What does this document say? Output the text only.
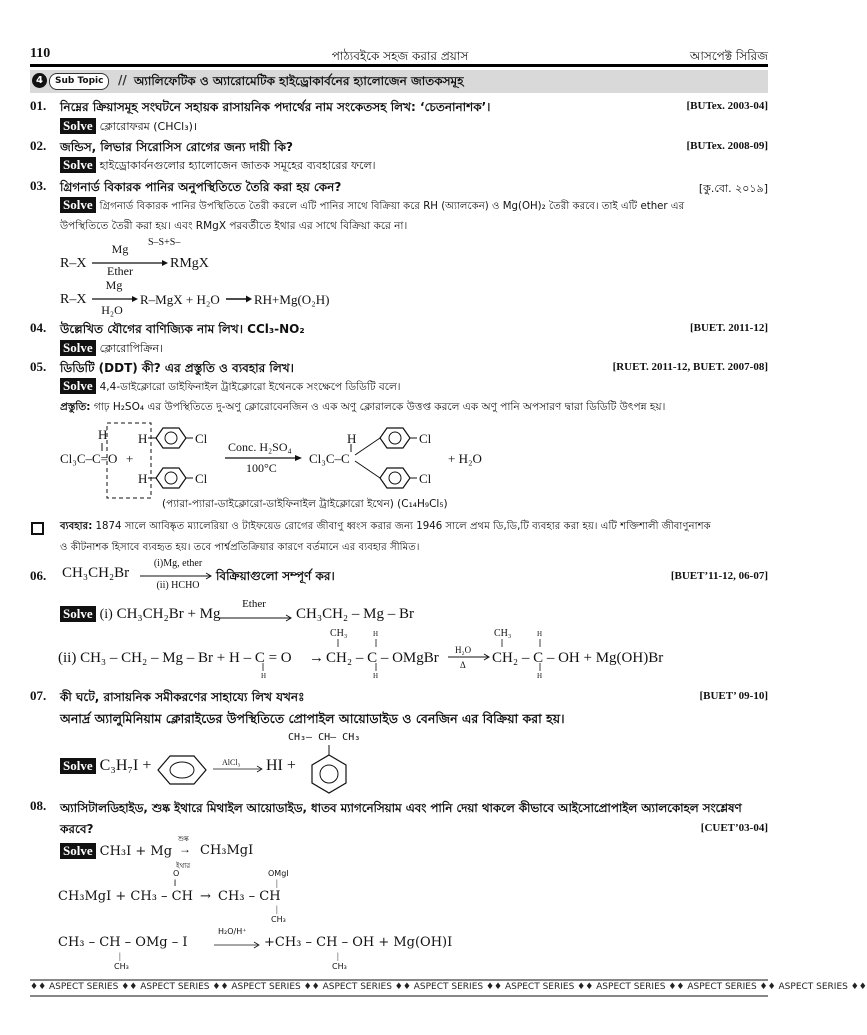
110	পাঠ্যবইকে সহজ করার প্রয়াস	আসপেক্ট সিরিজ
4	Sub Topic	// অ্যালিফেটিক ও অ্যারোমেটিক হাইড্রোকার্বনের হ্যালোজেন জাতকসমূহ
01. নিম্নের ক্রিয়াসমূহ সংঘটনে সহায়ক রাসায়নিক পদার্থের নাম সংকেতসহ লিখ: ‘চেতনানাশক’।	[BUTex. 2003-04]
Solve ক্লোরোফরম (CHCl₃)।
02. জন্ডিস, লিভার সিরোসিস রোগের জন্য দায়ী কি?	[BUTex. 2008-09]
Solve হাইড্রোকার্বনগুলোর হ্যালোজেন জাতক সমূহের ব্যবহারের ফলে।
03. গ্রিগনার্ড বিকারক পানির অনুপস্থিতিতে তৈরি করা হয় কেন?	[কু.বো. ২০১৯]
Solve গ্রিগনার্ড বিকারক পানির উপস্থিতিতে তৈরী করলে এটি পানির সাথে বিক্রিয়া করে RH (অ্যালকেন) ও Mg(OH)₂ তৈরী করবে। তাই এটি ether এর
উপস্থিতিতে তৈরী করা হয়। এবং RMgX পরবর্তীতে ইথার এর সাথে বিক্রিয়া করে না।
R–X
Mg
Ether
S–S+S–
RMgX
R–X
Mg
H₂O
R–MgX + H₂O → RH+Mg(O₂H)
04. উল্লেখিত যৌগের বাণিজ্যিক নাম লিখ। CCl₃-NO₂	[BUET. 2011-12]
Solve ক্লোরোপিক্রিন।
05. ডিডিটি (DDT) কী? এর প্রস্তুতি ও ব্যবহার লিখ।	[RUET. 2011-12, BUET. 2007-08]
Solve 4,4-ডাইক্লোরো ডাইফিনাইল ট্রাইক্লোরো ইথেনকে সংক্ষেপে ডিডিটি বলে।
প্রস্তুতি: গাঢ় H₂SO₄ এর উপস্থিতিতে দু-অণু ক্লোরোবেনজিন ও এক অণু ক্লোরালকে উত্তপ্ত করলে এক অণু পানি অপসারণ দ্বারা ডিডিটি উৎপন্ন হয়।
H
Cl₃C–C=O +
H
H
Cl
Cl
Conc. H₂SO₄
100°C
H
Cl₃C–C
Cl
Cl
+ H₂O
(প্যারা-প্যারা-ডাইক্লোরো-ডাইফিনাইল ট্রাইক্লোরো ইথেন) (C₁₄H₉Cl₅)
ব্যবহার: 1874 সালে আবিষ্কৃত ম্যালেরিয়া ও টাইফয়েড রোগের জীবাণু ধ্বংস করার জন্য 1946 সালে প্রথম ডি,ডি,টি ব্যবহার করা হয়। এটি শক্তিশালী জীবাণুনাশক
ও কীটনাশক হিসাবে ব্যবহৃত হয়। তবে পার্শ্বপ্রতিক্রিয়ার কারণে বর্তমানে এর ব্যবহার সীমিত।
06. CH₃CH₂Br
(i)Mg, ether
(ii) HCHO
বিক্রিয়াগুলো সম্পূর্ণ কর।	[BUET’11-12, 06-07]
Solve (i) CH₃CH₂Br + Mg
Ether
CH₃CH₂ – Mg – Br
(ii) CH₃ – CH₂ – Mg – Br + H – C = O → CH₂ – C – OMgBr
CH₃	H
H
H
H₂O
Δ CH₂ – C – OH + Mg(OH)Br
CH₃	H
H
07. কী ঘটে, রাসায়নিক সমীকরণের সাহায্যে লিখ যখনঃ	[BUET’ 09-10]
অনার্দ্র অ্যালুমিনিয়াম ক্লোরাইডের উপস্থিতিতে প্রোপাইল আয়োডাইড ও বেনজিন এর বিক্রিয়া করা হয়।
CH₃— CH— CH₃
Solve C₃H₇I +	AlCl₃ HI +
08. অ্যাসিটালডিহাইড, শুষ্ক ইথারে মিথাইল আয়োডাইড, ধাতব ম্যাগনেসিয়াম এবং পানি দেয়া থাকলে কীভাবে আইসোপ্রোপাইল অ্যালকোহল সংশ্লেষণ
করবে?	[CUET’03-04]
Solve CH₃I + Mg
শুষ্ক
→
ইথার
CH₃MgI
O
‖
OMgI
|
CH₃MgI + CH₃ – CH → CH₃ – CH
|
CH₃
CH₃ – CH – OMg – I
H₂O/H⁺
→ +CH₃ – CH – OH + Mg(OH)I
|
CH₃
|
CH₃
♦♦ ASPECT SERIES ♦♦ ASPECT SERIES ♦♦ ASPECT SERIES ♦♦ ASPECT SERIES ♦♦ ASPECT SERIES ♦♦ ASPECT SERIES ♦♦ ASPECT SERIES ♦♦ ASPECT SERIES ♦♦ ASPECT SERIES ♦♦
